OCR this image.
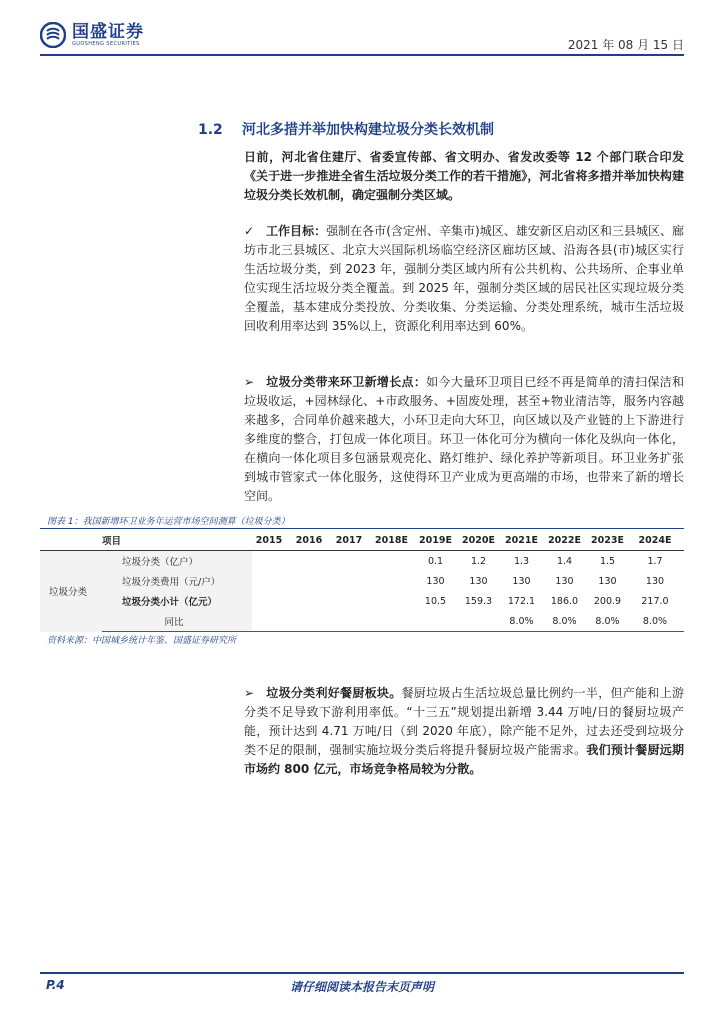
国盛证券
GUOSHENG SECURITIES	2021 年 08 月 15 日
1.2 河北多措并举加快构建垃圾分类长效机制
日前，河北省住建厅、省委宣传部、省文明办、省发改委等 12 个部门联合印发《关于进一步推进全省生活垃圾分类工作的若干措施》，河北省将多措并举加快构建垃圾分类长效机制，确定强制分类区域。
✓ 工作目标：强制在各市(含定州、辛集市)城区、雄安新区启动区和三县城区、廊坊市北三县城区、北京大兴国际机场临空经济区廊坊区域、沿海各县(市)城区实行生活垃圾分类，到 2023 年，强制分类区域内所有公共机构、公共场所、企事业单位实现生活垃圾分类全覆盖。到 2025 年，强制分类区域的居民社区实现垃圾分类全覆盖，基本建成分类投放、分类收集、分类运输、分类处理系统，城市生活垃圾回收利用率达到 35%以上，资源化利用率达到 60%。
➢ 垃圾分类带来环卫新增长点：如今大量环卫项目已经不再是简单的清扫保洁和垃圾收运，+园林绿化、+市政服务、+固废处理，甚至+物业清洁等，服务内容越来越多，合同单价越来越大，小环卫走向大环卫，向区域以及产业链的上下游进行多维度的整合，打包成一体化项目。环卫一体化可分为横向一体化及纵向一体化，在横向一体化项目多包涵景观亮化、路灯维护、绿化养护等新项目。环卫业务扩张到城市管家式一体化服务，这使得环卫产业成为更高端的市场，也带来了新的增长空间。
图表 1：我国新增环卫业务年运营市场空间测算（垃圾分类）
项目		2015	2016	2017	2018E	2019E	2020E	2021E	2022E	2023E	2024E
垃圾分类	垃圾分类（亿户）					0.1	1.2	1.3	1.4	1.5	1.7
	垃圾分类费用（元/户）					130	130	130	130	130	130
	垃圾分类小计（亿元）					10.5	159.3	172.1	186.0	200.9	217.0
	同比							8.0%	8.0%	8.0%	8.0%
资料来源：中国城乡统计年鉴、国盛证券研究所
➢ 垃圾分类利好餐厨板块。餐厨垃圾占生活垃圾总量比例约一半，但产能和上游分类不足导致下游利用率低。“十三五”规划提出新增 3.44 万吨/日的餐厨垃圾产能，预计达到 4.71 万吨/日（到 2020 年底），除产能不足外，过去还受到垃圾分类不足的限制，强制实施垃圾分类后将提升餐厨垃圾产能需求。我们预计餐厨远期市场约 800 亿元，市场竞争格局较为分散。
P.4	请仔细阅读本报告末页声明
